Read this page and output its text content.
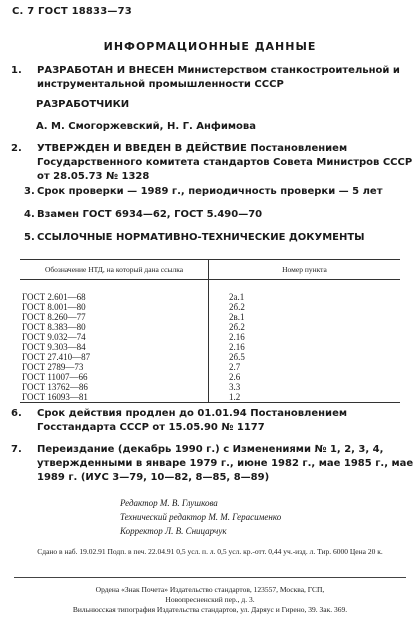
С. 7 ГОСТ 18833—73
ИНФОРМАЦИОННЫЕ ДАННЫЕ
1. РАЗРАБОТАН И ВНЕСЕН Министерством станкостроительной и инструментальной промышленности СССР
РАЗРАБОТЧИКИ
А. М. Смогоржевский, Н. Г. Анфимова
2. УТВЕРЖДЕН И ВВЕДЕН В ДЕЙСТВИЕ Постановлением Государственного комитета стандартов Совета Министров СССР от 28.05.73 № 1328
3. Срок проверки — 1989 г., периодичность проверки — 5 лет
4. Взамен ГОСТ 6934—62, ГОСТ 5.490—70
5. ССЫЛОЧНЫЕ НОРМАТИВНО-ТЕХНИЧЕСКИЕ ДОКУМЕНТЫ
Обозначение НТД, на который дана ссылка	Номер пункта

ГОСТ 2.601—68	2а.1
ГОСТ 8.001—80	2б.2
ГОСТ 8.260—77	2в.1
ГОСТ 8.383—80	2б.2
ГОСТ 9.032—74	2.16
ГОСТ 9.303—84	2.16
ГОСТ 27.410—87	2б.5
ГОСТ 2789—73	2.7
ГОСТ 11007—66	2.6
ГОСТ 13762—86	3.3
ГОСТ 16093—81	1.2
6. Срок действия продлен до 01.01.94 Постановлением Госстандарта СССР от 15.05.90 № 1177
7. Переиздание (декабрь 1990 г.) с Изменениями № 1, 2, 3, 4, утвержденными в январе 1979 г., июне 1982 г., мае 1985 г., мае 1989 г. (ИУС 3—79, 10—82, 8—85, 8—89)
Редактор М. В. Глушкова
Технический редактор М. М. Герасименко
Корректор Л. В. Сницарчук
Сдано в наб. 19.02.91 Подп. в печ. 22.04.91 0,5 усл. п. л. 0,5 усл. кр.-отт. 0,44 уч.-изд. л. Тир. 6000 Цена 20 к.
Ордена «Знак Почета» Издательство стандартов, 123557, Москва, ГСП,
Новопресненский пер., д. 3.
Вильнюсская типография Издательства стандартов, ул. Даряус и Гирено, 39. Зак. 369.
